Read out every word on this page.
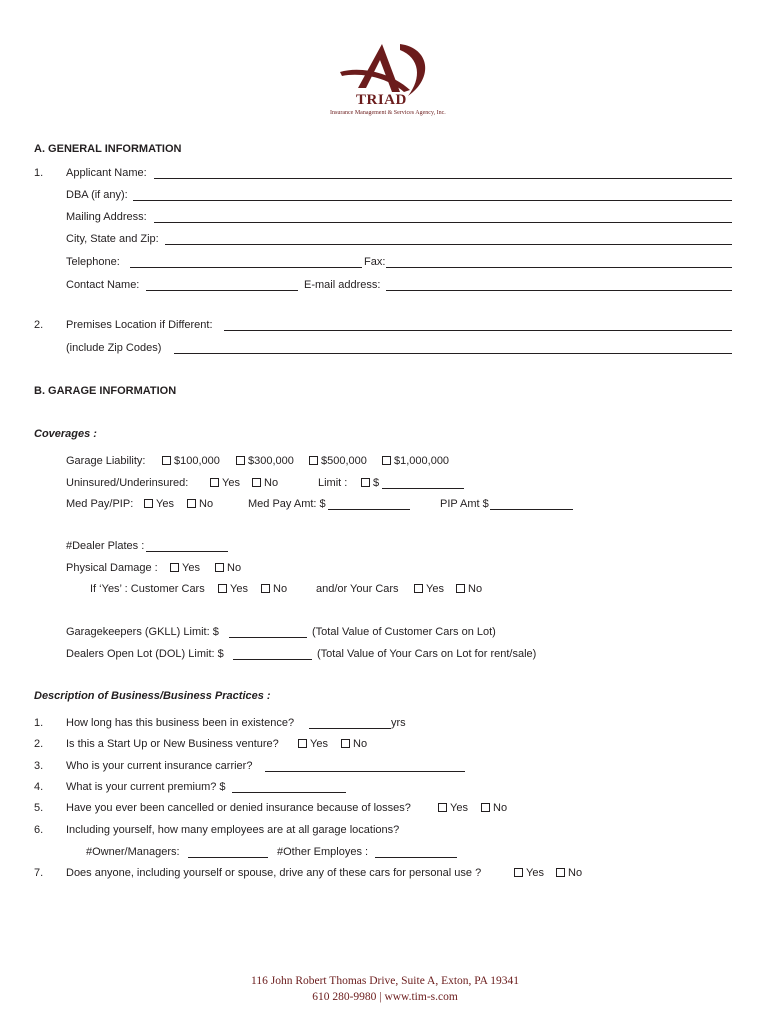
TRIAD
Insurance Management & Services Agency, Inc.
A. GENERAL INFORMATION
1. Applicant Name:
DBA (if any):
Mailing Address:
City, State and Zip:
Telephone:	Fax:
Contact Name:	E-mail address:
2. Premises Location if Different:
(include Zip Codes)
B. GARAGE INFORMATION
Coverages :
Garage Liability:	$100,000	$300,000	$500,000	$1,000,000
Uninsured/Underinsured:	Yes	No	Limit :	$
Med Pay/PIP:	Yes	No	Med Pay Amt: $	PIP Amt $
#Dealer Plates :
Physical Damage :	Yes	No
If ‘Yes’ : Customer Cars	Yes	No	and/or Your Cars	Yes	No
Garagekeepers (GKLL) Limit: $	(Total Value of Customer Cars on Lot)
Dealers Open Lot (DOL) Limit: $	(Total Value of Your Cars on Lot for rent/sale)
Description of Business/Business Practices :
1. How long has this business been in existence?	yrs
2. Is this a Start Up or New Business venture?	Yes	No
3. Who is your current insurance carrier?
4. What is your current premium? $
5. Have you ever been cancelled or denied insurance because of losses?	Yes	No
6. Including yourself, how many employees are at all garage locations?
#Owner/Managers:	#Other Employes :
7. Does anyone, including yourself or spouse, drive any of these cars for personal use ?	Yes	No
116 John Robert Thomas Drive, Suite A, Exton, PA 19341
610 280-9980 | www.tim-s.com
